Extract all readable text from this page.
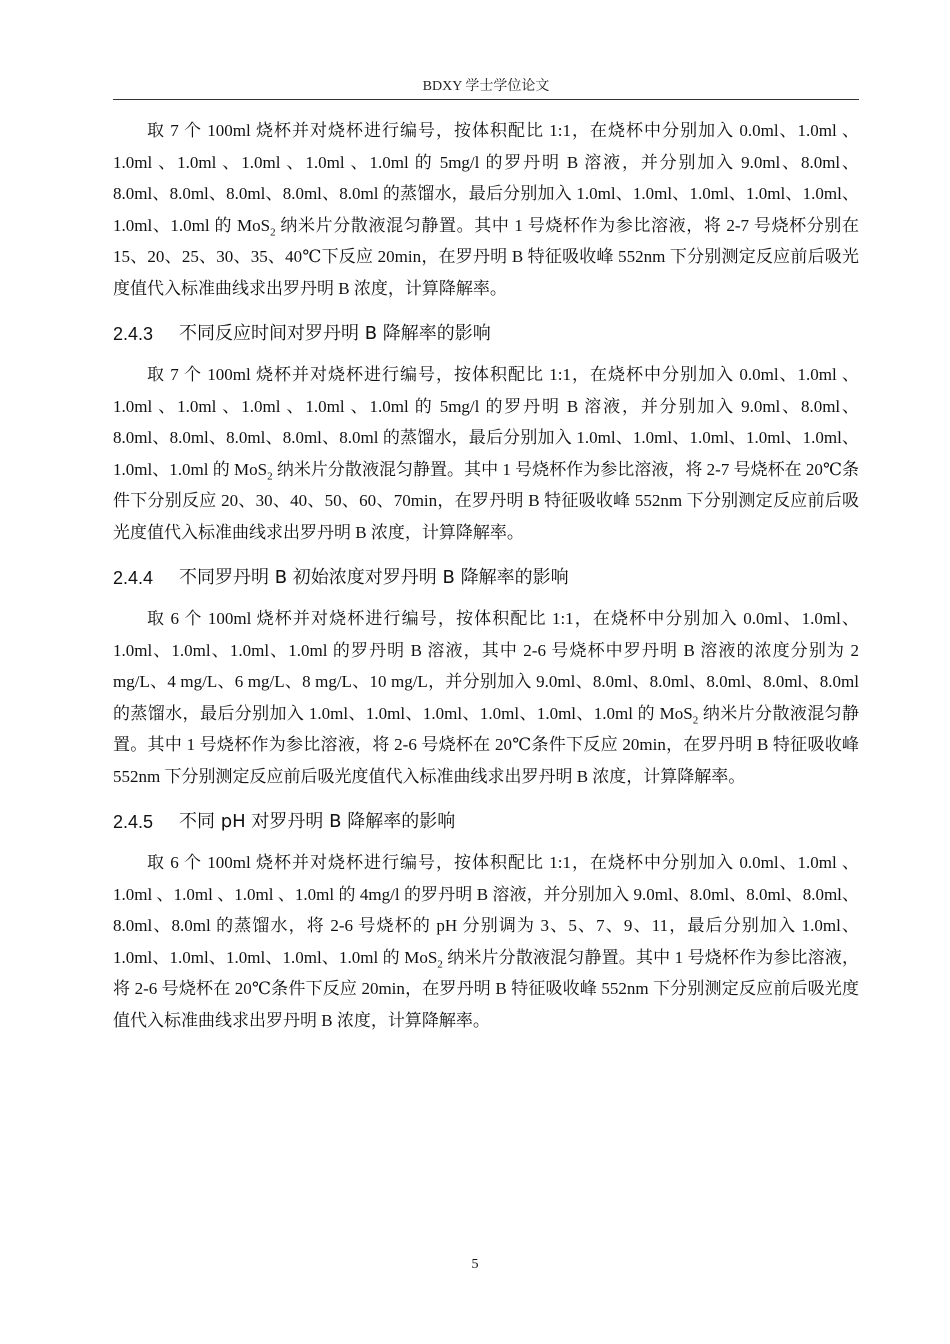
BDXY 学士学位论文

取 7 个 100ml 烧杯并对烧杯进行编号，按体积配比 1:1，在烧杯中分别加入 0.0ml、1.0ml 、1.0ml 、1.0ml 、1.0ml 、1.0ml 、1.0ml 的 5mg/l 的罗丹明 B 溶液，并分别加入 9.0ml、8.0ml、8.0ml、8.0ml、8.0ml、8.0ml、8.0ml 的蒸馏水，最后分别加入 1.0ml、1.0ml、1.0ml、1.0ml、1.0ml、1.0ml、1.0ml 的 MoS$_2$ 纳米片分散液混匀静置。其中 1 号烧杯作为参比溶液，将 2-7 号烧杯分别在 15、20、25、30、35、40℃下反应 20min，在罗丹明 B 特征吸收峰 552nm 下分别测定反应前后吸光度值代入标准曲线求出罗丹明 B 浓度，计算降解率。

2.4.3	不同反应时间对罗丹明 B 降解率的影响

取 7 个 100ml 烧杯并对烧杯进行编号，按体积配比 1:1，在烧杯中分别加入 0.0ml、1.0ml 、1.0ml 、1.0ml 、1.0ml 、1.0ml 、1.0ml 的 5mg/l 的罗丹明 B 溶液，并分别加入 9.0ml、8.0ml、8.0ml、8.0ml、8.0ml、8.0ml、8.0ml 的蒸馏水，最后分别加入 1.0ml、1.0ml、1.0ml、1.0ml、1.0ml、1.0ml、1.0ml 的 MoS$_2$ 纳米片分散液混匀静置。其中 1 号烧杯作为参比溶液，将 2-7 号烧杯在 20℃条件下分别反应 20、30、40、50、60、70min，在罗丹明 B 特征吸收峰 552nm 下分别测定反应前后吸光度值代入标准曲线求出罗丹明 B 浓度，计算降解率。

2.4.4	不同罗丹明 B 初始浓度对罗丹明 B 降解率的影响

取 6 个 100ml 烧杯并对烧杯进行编号，按体积配比 1:1，在烧杯中分别加入 0.0ml、1.0ml、1.0ml、1.0ml、1.0ml、1.0ml 的罗丹明 B 溶液，其中 2-6 号烧杯中罗丹明 B 溶液的浓度分别为 2 mg/L、4 mg/L、6 mg/L、8 mg/L、10 mg/L，并分别加入 9.0ml、8.0ml、8.0ml、8.0ml、8.0ml、8.0ml 的蒸馏水，最后分别加入 1.0ml、1.0ml、1.0ml、1.0ml、1.0ml、1.0ml 的 MoS$_2$ 纳米片分散液混匀静置。其中 1 号烧杯作为参比溶液，将 2-6 号烧杯在 20℃条件下反应 20min，在罗丹明 B 特征吸收峰 552nm 下分别测定反应前后吸光度值代入标准曲线求出罗丹明 B 浓度，计算降解率。

2.4.5	不同 pH 对罗丹明 B 降解率的影响

取 6 个 100ml 烧杯并对烧杯进行编号，按体积配比 1:1，在烧杯中分别加入 0.0ml、1.0ml 、1.0ml 、1.0ml 、1.0ml 、1.0ml 的 4mg/l 的罗丹明 B 溶液，并分别加入 9.0ml、8.0ml、8.0ml、8.0ml、8.0ml、8.0ml 的蒸馏水，将 2-6 号烧杯的 pH 分别调为 3、5、7、9、11，最后分别加入 1.0ml、1.0ml、1.0ml、1.0ml、1.0ml、1.0ml 的 MoS$_2$ 纳米片分散液混匀静置。其中 1 号烧杯作为参比溶液，将 2-6 号烧杯在 20℃条件下反应 20min，在罗丹明 B 特征吸收峰 552nm 下分别测定反应前后吸光度值代入标准曲线求出罗丹明 B 浓度，计算降解率。

5
